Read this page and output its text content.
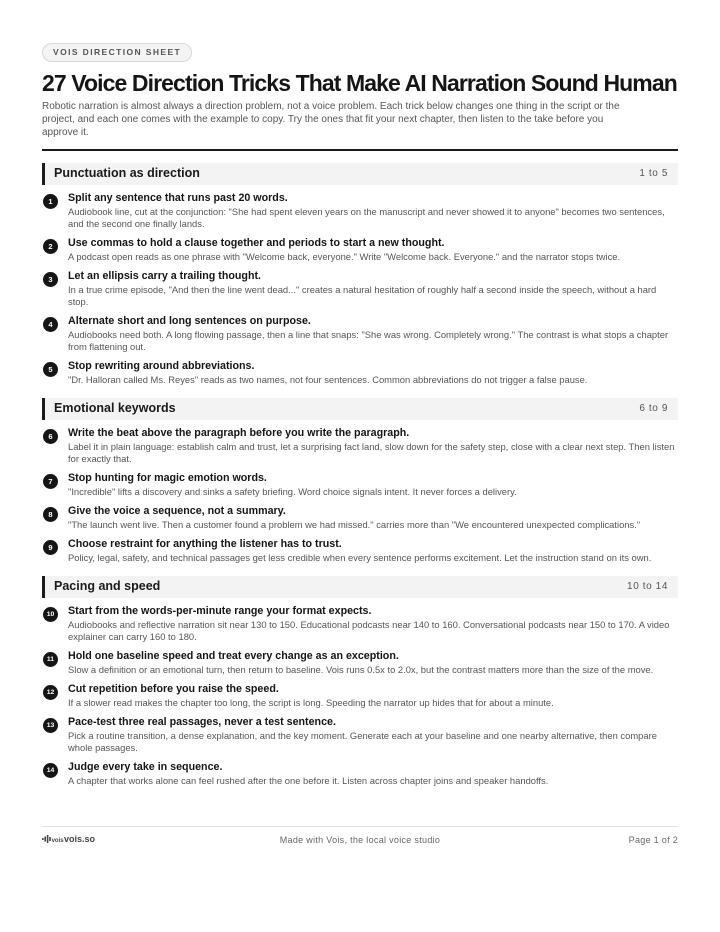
VOIS DIRECTION SHEET
27 Voice Direction Tricks That Make AI Narration Sound Human

Robotic narration is almost always a direction problem, not a voice problem. Each trick below changes one thing in the script or the project, and each one comes with the example to copy. Try the ones that fit your next chapter, then listen to the take before you approve it.

Punctuation as direction	1 to 5
1	Split any sentence that runs past 20 words.
Audiobook line, cut at the conjunction: "She had spent eleven years on the manuscript and never showed it to anyone" becomes two sentences, and the second one finally lands.
2	Use commas to hold a clause together and periods to start a new thought.
A podcast open reads as one phrase with "Welcome back, everyone." Write "Welcome back. Everyone." and the narrator stops twice.
3	Let an ellipsis carry a trailing thought.
In a true crime episode, "And then the line went dead..." creates a natural hesitation of roughly half a second inside the speech, without a hard stop.
4	Alternate short and long sentences on purpose.
Audiobooks need both. A long flowing passage, then a line that snaps: "She was wrong. Completely wrong." The contrast is what stops a chapter from flattening out.
5	Stop rewriting around abbreviations.
"Dr. Halloran called Ms. Reyes" reads as two names, not four sentences. Common abbreviations do not trigger a false pause.
Emotional keywords	6 to 9
6	Write the beat above the paragraph before you write the paragraph.
Label it in plain language: establish calm and trust, let a surprising fact land, slow down for the safety step, close with a clear next step. Then listen for exactly that.
7	Stop hunting for magic emotion words.
"Incredible" lifts a discovery and sinks a safety briefing. Word choice signals intent. It never forces a delivery.
8	Give the voice a sequence, not a summary.
"The launch went live. Then a customer found a problem we had missed." carries more than "We encountered unexpected complications."
9	Choose restraint for anything the listener has to trust.
Policy, legal, safety, and technical passages get less credible when every sentence performs excitement. Let the instruction stand on its own.
Pacing and speed	10 to 14
10	Start from the words-per-minute range your format expects.
Audiobooks and reflective narration sit near 130 to 150. Educational podcasts near 140 to 160. Conversational podcasts near 150 to 170. A video explainer can carry 160 to 180.
11	Hold one baseline speed and treat every change as an exception.
Slow a definition or an emotional turn, then return to baseline. Vois runs 0.5x to 2.0x, but the contrast matters more than the size of the move.
12	Cut repetition before you raise the speed.
If a slower read makes the chapter too long, the script is long. Speeding the narrator up hides that for about a minute.
13	Pace-test three real passages, never a test sentence.
Pick a routine transition, a dense explanation, and the key moment. Generate each at your baseline and one nearby alternative, then compare whole passages.
14	Judge every take in sequence.
A chapter that works alone can feel rushed after the one before it. Listen across chapter joins and speaker handoffs.
vois vois.so	Made with Vois, the local voice studio	Page 1 of 2
